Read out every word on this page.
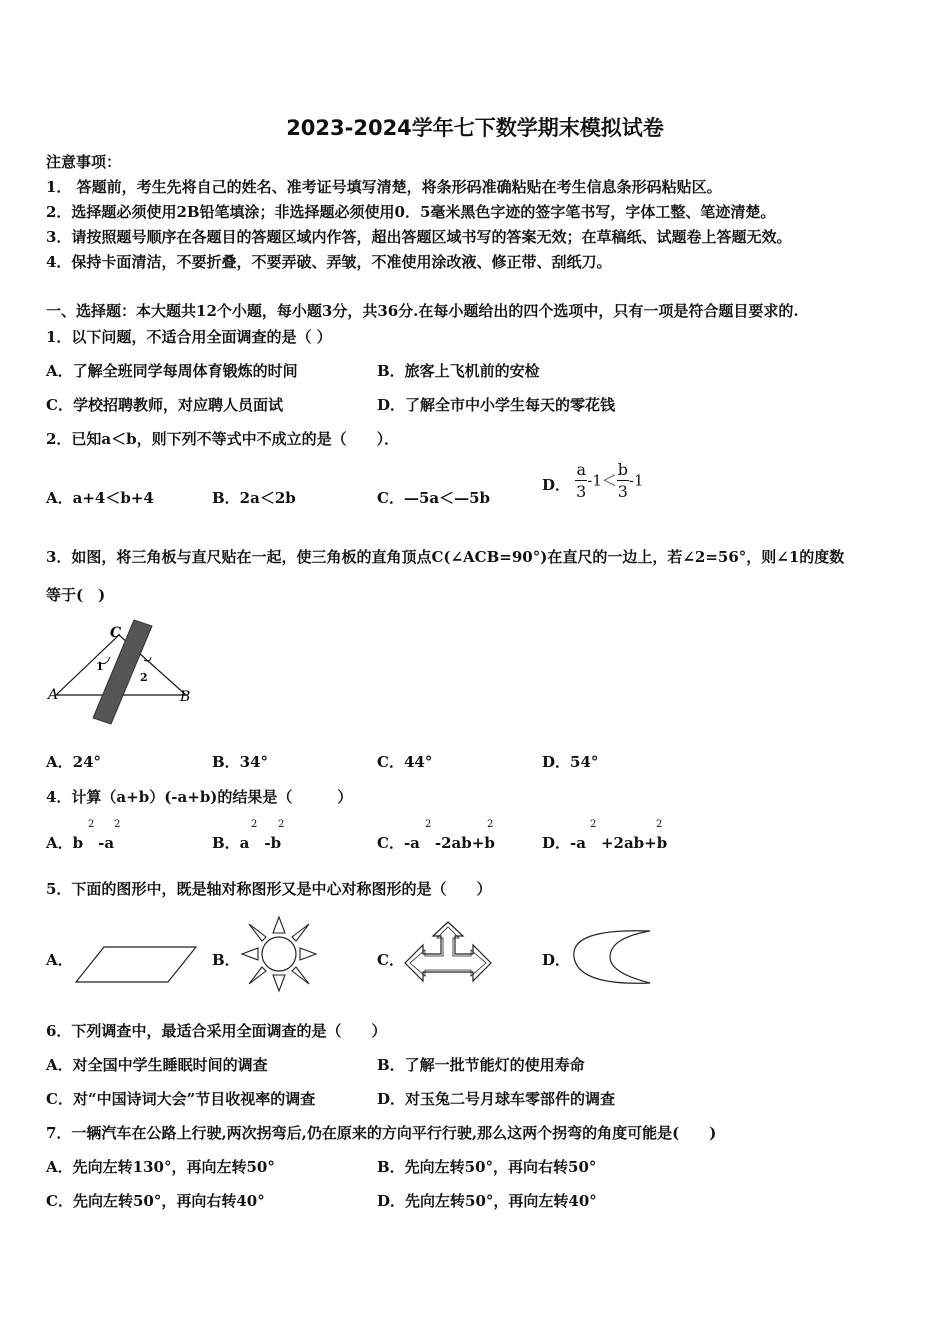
2023-2024学年七下数学期末模拟试卷
注意事项：
1． 答题前，考生先将自己的姓名、准考证号填写清楚，将条形码准确粘贴在考生信息条形码粘贴区。
2．选择题必须使用2B铅笔填涂；非选择题必须使用0．5毫米黑色字迹的签字笔书写，字体工整、笔迹清楚。
3．请按照题号顺序在各题目的答题区域内作答，超出答题区域书写的答案无效；在草稿纸、试题卷上答题无效。
4．保持卡面清洁，不要折叠，不要弄破、弄皱，不准使用涂改液、修正带、刮纸刀。
一、选择题：本大题共12个小题，每小题3分，共36分.在每小题给出的四个选项中，只有一项是符合题目要求的.
1．以下问题，不适合用全面调查的是（ ）
A．了解全班同学每周体育锻炼的时间	B．旅客上飞机前的安检
C．学校招聘教师，对应聘人员面试	D．了解全市中小学生每天的零花钱
2．已知a＜b，则下列不等式中不成立的是（　　）．
A．a+4＜b+4	B．2a＜2b	C．—5a＜—5b
D． $\frac{a}{3} -1< \frac{b}{3} -1$
3．如图，将三角板与直尺贴在一起，使三角板的直角顶点C(∠ACB=90°)在直尺的一边上，若∠2=56°，则∠1的度数
等于(　)
C
A	B
1
2
A．24°	B．34°	C．44°	D．54°
4．计算（a+b）(-a+b)的结果是（　　　）
A．b　-a	B．a　-b	C．-a　-2ab+b	D．-a　+2ab+b
2 2	2 2	2	2	2	2
5．下面的图形中，既是轴对称图形又是中心对称图形的是（　　）
A．	B．	C．	D．
6．下列调查中，最适合采用全面调查的是（　　）
A．对全国中学生睡眠时间的调查	B．了解一批节能灯的使用寿命
C．对“中国诗词大会”节目收视率的调查	D．对玉兔二号月球车零部件的调查
7．一辆汽车在公路上行驶,两次拐弯后,仍在原来的方向平行行驶,那么这两个拐弯的角度可能是(　　)
A．先向左转130°，再向左转50°	B．先向左转50°，再向右转50°
C．先向左转50°，再向右转40°	D．先向左转50°，再向左转40°
